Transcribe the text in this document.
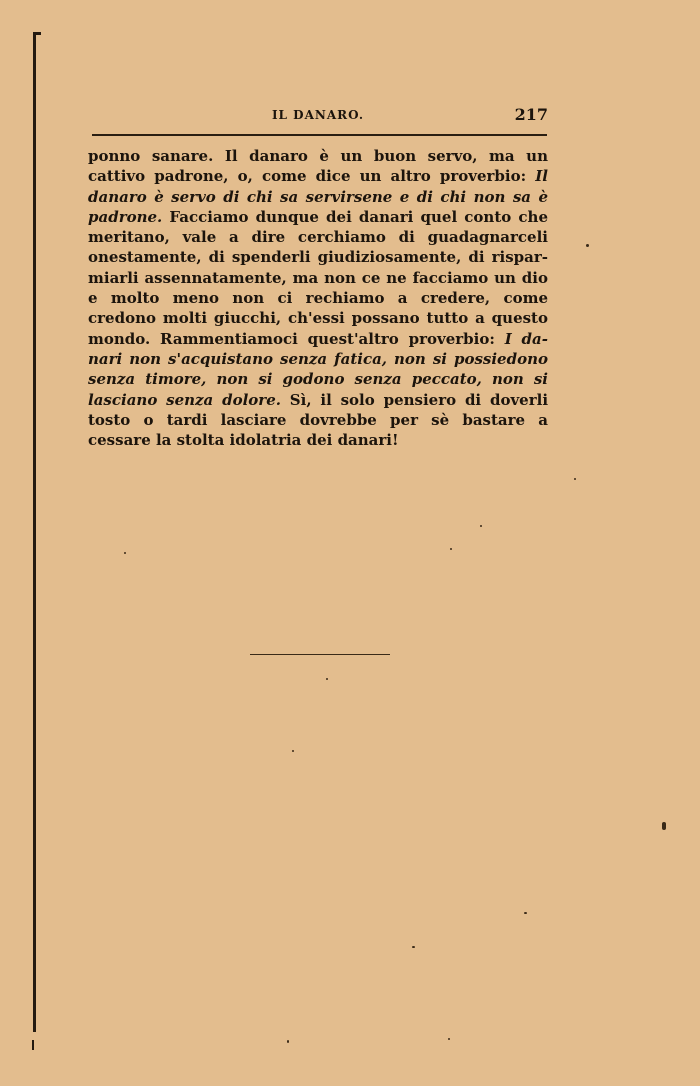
IL DANARO.	217

ponno sanare. Il danaro è un buon servo, ma un cattivo padrone, o, come dice un altro proverbio: Il danaro è servo di chi sa servirsene e di chi non sa è padrone. Facciamo dunque dei danari quel conto che meritano, vale a dire cerchiamo di guadagnarceli onestamente, di spenderli giudiziosamente, di risparmiarli assennatamente, ma non ce ne facciamo un dio e molto meno non ci rechiamo a credere, come credono molti giucchi, ch'essi possano tutto a questo mondo. Rammentiamoci quest'altro proverbio: I danari non s'acquistano senza fatica, non si possiedono senza timore, non si godono senza peccato, non si lasciano senza dolore. Sì, il solo pensiero di doverli tosto o tardi lasciare dovrebbe per sè bastare a cessare la stolta idolatria dei danari!
